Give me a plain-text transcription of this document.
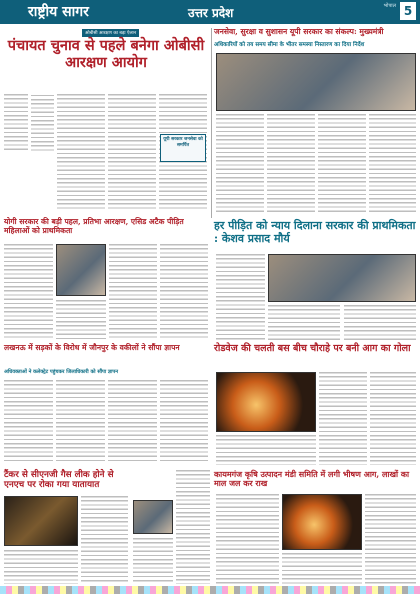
राष्ट्रीय सागर	उत्तर प्रदेश	भोपाल 5
ओबीसी आरक्षण का बड़ा ऐलान
पंचायत चुनाव से पहले बनेगा ओबीसी आरक्षण आयोग
यूपी सरकार जनसेवा को समर्पित
जनसेवा, सुरक्षा व सुशासन यूपी सरकार का संकल्प: मुख्यमंत्री
अधिकारियों को तय समय सीमा के भीतर समस्या निस्तारण का दिया निर्देश
योगी सरकार की बड़ी पहल, प्रतिभा आरक्षण, एसिड अटैक पीड़ित महिलाओं को प्राथमिकता	हर पीड़ित को न्याय दिलाना सरकार की प्राथमिकता : केशव प्रसाद मौर्य
लखनऊ में सड़कों के विरोध में जौनपुर के वकीलों ने सौंपा ज्ञापन
अधिवक्ताओं ने कलेक्ट्रेट पहुंचकर जिलाधिकारी को सौंपा ज्ञापन
रोडवेज की चलती बस बीच चौराहे पर बनी आग का गोला
टैंकर से सीएनजी गैस लीक होने से एनएच पर रोका गया यातायात
कायमगंज कृषि उत्पादन मंडी समिति में लगी भीषण आग, लाखों का माल जल कर राख
